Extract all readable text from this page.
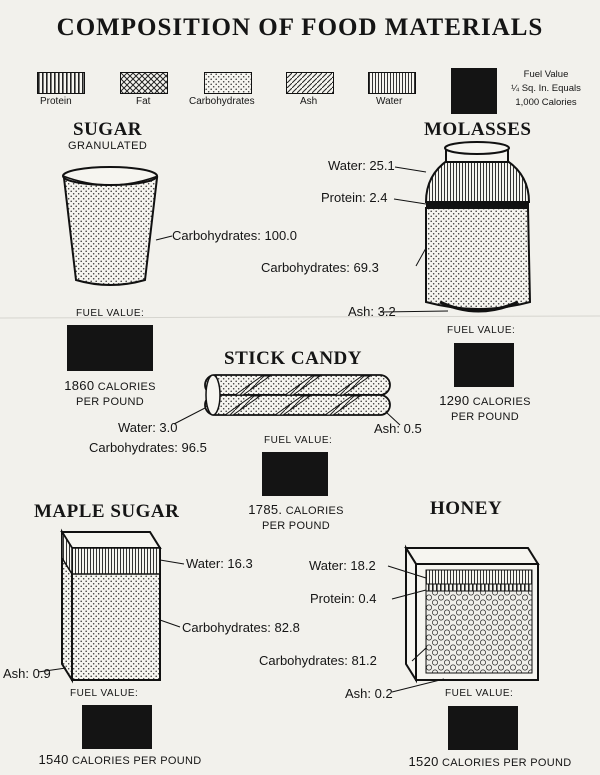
COMPOSITION OF FOOD MATERIALS
Protein	Fat	Carbohydrates	Ash	Water
Fuel Value
¼ Sq. In. Equals
1,000 Calories
SUGAR
GRANULATED
Carbohydrates: 100.0
FUEL VALUE:
1860 CALORIES
PER POUND
MOLASSES
Water: 25.1
Protein: 2.4
Carbohydrates: 69.3
Ash: 3.2
FUEL VALUE:
1290 CALORIES
PER POUND
STICK CANDY
Water: 3.0
Carbohydrates: 96.5
Ash: 0.5
FUEL VALUE:
1785. CALORIES
PER POUND
MAPLE SUGAR
Water: 16.3
Carbohydrates: 82.8
Ash: 0.9
FUEL VALUE:
1540 CALORIES PER POUND
HONEY
Water: 18.2
Protein: 0.4
Carbohydrates: 81.2
Ash: 0.2	FUEL VALUE:
1520 CALORIES PER POUND
